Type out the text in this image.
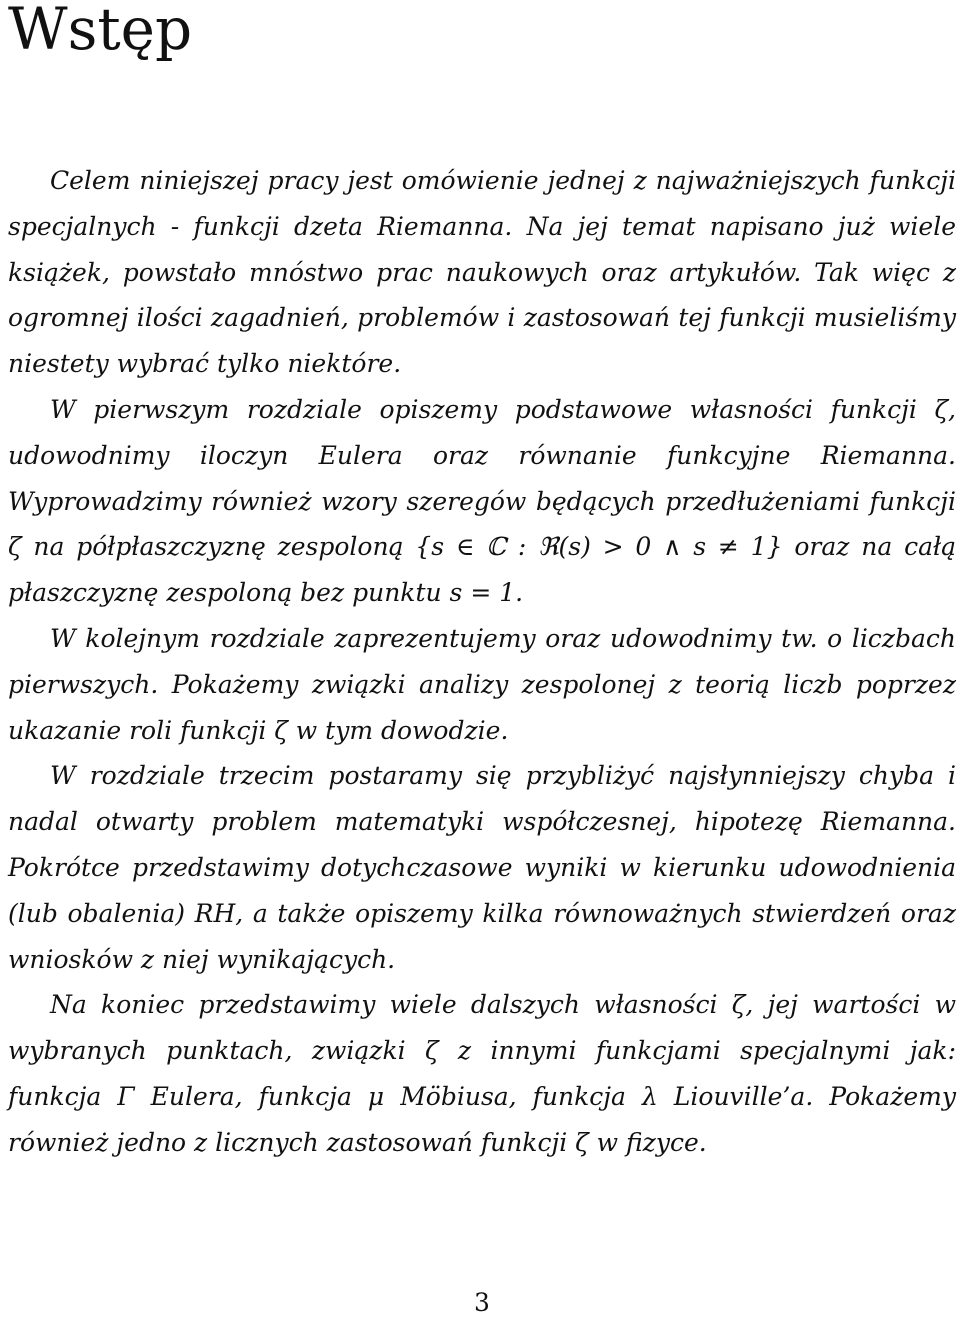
Wstęp

Celem niniejszej pracy jest omówienie jednej z najważniejszych funkcji specjalnych - funkcji dzeta Riemanna. Na jej temat napisano już wiele książek, powstało mnóstwo prac naukowych oraz artykułów. Tak więc z ogromnej ilości zagadnień, problemów i zastosowań tej funkcji musieliśmy niestety wybrać tylko niektóre.

W pierwszym rozdziale opiszemy podstawowe własności funkcji ζ, udowodnimy iloczyn Eulera oraz równanie funkcyjne Riemanna. Wyprowadzimy również wzory szeregów będących przedłużeniami funkcji ζ na półpłaszczyznę zespoloną {s ∈ ℂ : ℜ(s) > 0 ∧ s ≠ 1} oraz na całą płaszczyznę zespoloną bez punktu s = 1.

W kolejnym rozdziale zaprezentujemy oraz udowodnimy tw. o liczbach pierwszych. Pokażemy związki analizy zespolonej z teorią liczb poprzez ukazanie roli funkcji ζ w tym dowodzie.

W rozdziale trzecim postaramy się przybliżyć najsłynniejszy chyba i nadal otwarty problem matematyki współczesnej, hipotezę Riemanna. Pokrótce przedstawimy dotychczasowe wyniki w kierunku udowodnienia (lub obalenia) RH, a także opiszemy kilka równoważnych stwierdzeń oraz wniosków z niej wynikających.

Na koniec przedstawimy wiele dalszych własności ζ, jej wartości w wybranych punktach, związki ζ z innymi funkcjami specjalnymi jak: funkcja Γ Eulera, funkcja μ Möbiusa, funkcja λ Liouville’a. Pokażemy również jedno z licznych zastosowań funkcji ζ w fizyce.

3
